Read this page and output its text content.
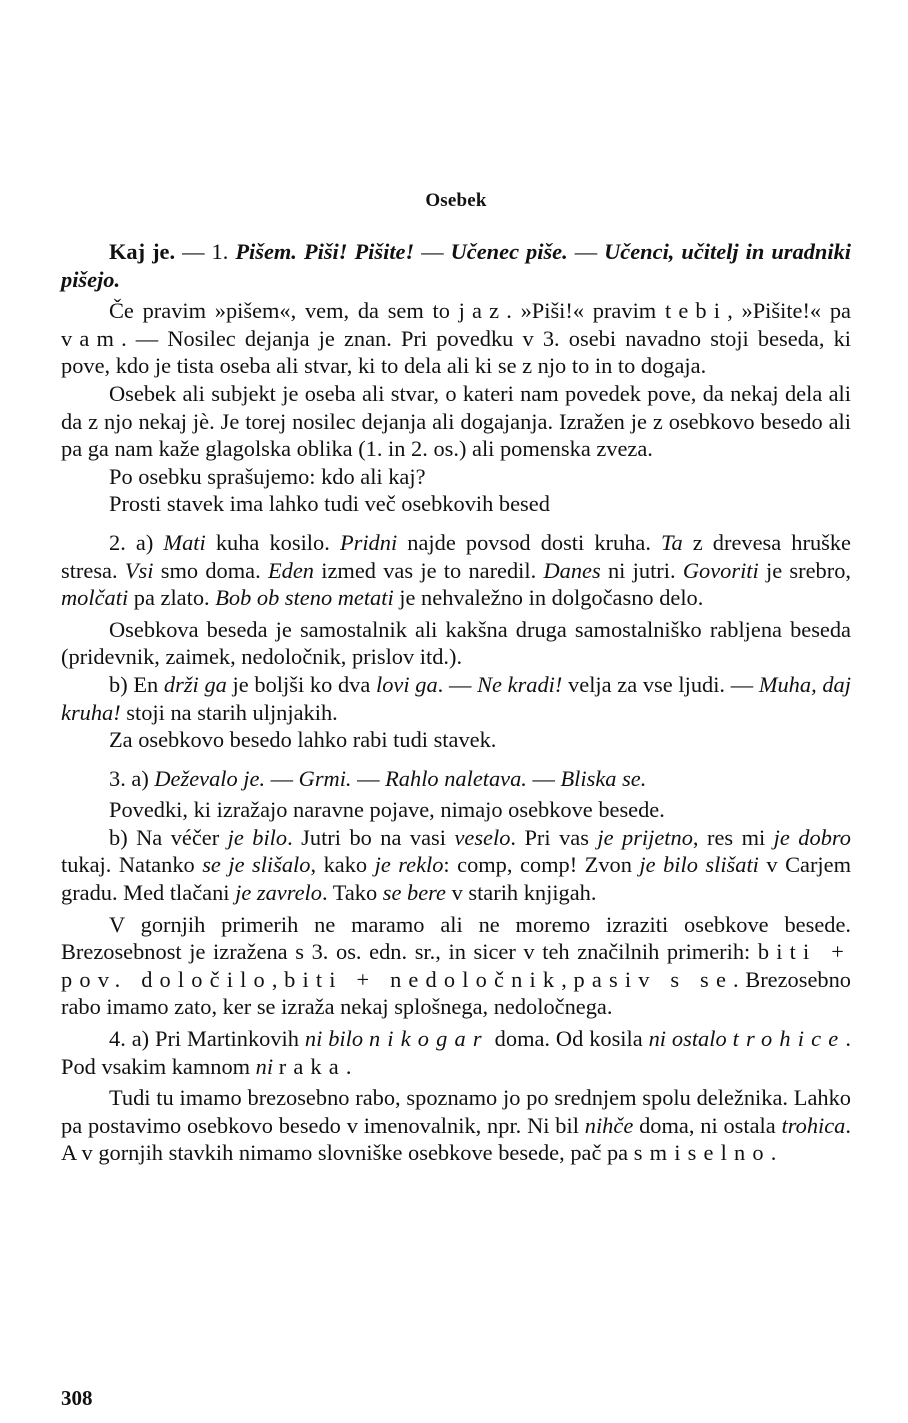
Osebek

Kaj je. — 1. Pišem. Piši! Pišite! — Učenec piše. — Učenci, učitelj in uradniki pišejo.

Če pravim »pišem«, vem, da sem to jaz. »Piši!« pravim tebi, »Pišite!« pa vam. — Nosilec dejanja je znan. Pri povedku v 3. osebi navadno stoji beseda, ki pove, kdo je tista oseba ali stvar, ki to dela ali ki se z njo to in to dogaja.

Osebek ali subjekt je oseba ali stvar, o kateri nam povedek pove, da nekaj dela ali da z njo nekaj jè. Je torej nosilec dejanja ali dogajanja. Izražen je z osebkovo besedo ali pa ga nam kaže glagolska oblika (1. in 2. os.) ali pomenska zveza.

Po osebku sprašujemo: kdo ali kaj?

Prosti stavek ima lahko tudi več osebkovih besed

2. a) Mati kuha kosilo. Pridni najde povsod dosti kruha. Ta z drevesa hruške stresa. Vsi smo doma. Eden izmed vas je to naredil. Danes ni jutri. Govoriti je srebro, molčati pa zlato. Bob ob steno metati je nehvaležno in dolgočasno delo.

Osebkova beseda je samostalnik ali kakšna druga samostalniško rabljena beseda (pridevnik, zaimek, nedoločnik, prislov itd.).

b) En drži ga je boljši ko dva lovi ga. — Ne kradi! velja za vse ljudi. — Muha, daj kruha! stoji na starih uljnjakih.

Za osebkovo besedo lahko rabi tudi stavek.

3. a) Deževalo je. — Grmi. — Rahlo naletava. — Bliska se.

Povedki, ki izražajo naravne pojave, nimajo osebkove besede.

b) Na véčer je bilo. Jutri bo na vasi veselo. Pri vas je prijetno, res mi je dobro tukaj. Natanko se je slišalo, kako je reklo: comp, comp! Zvon je bilo slišati v Carjem gradu. Med tlačani je zavrelo. Tako se bere v starih knjigah.

V gornjih primerih ne maramo ali ne moremo izraziti osebkove besede. Brezosebnost je izražena s 3. os. edn. sr., in sicer v teh značilnih primerih: biti + pov. določilo, biti + nedoločnik, pasiv s se. Brezosebno rabo imamo zato, ker se izraža nekaj splošnega, nedoločnega.

4. a) Pri Martinkovih ni bilo nikogar doma. Od kosila ni ostalo trohice. Pod vsakim kamnom ni raka.

Tudi tu imamo brezosebno rabo, spoznamo jo po srednjem spolu deležnika. Lahko pa postavimo osebkovo besedo v imenovalnik, npr. Ni bil nihče doma, ni ostala trohica. A v gornjih stavkih nimamo slovniške osebkove besede, pač pa smiselno.

308
